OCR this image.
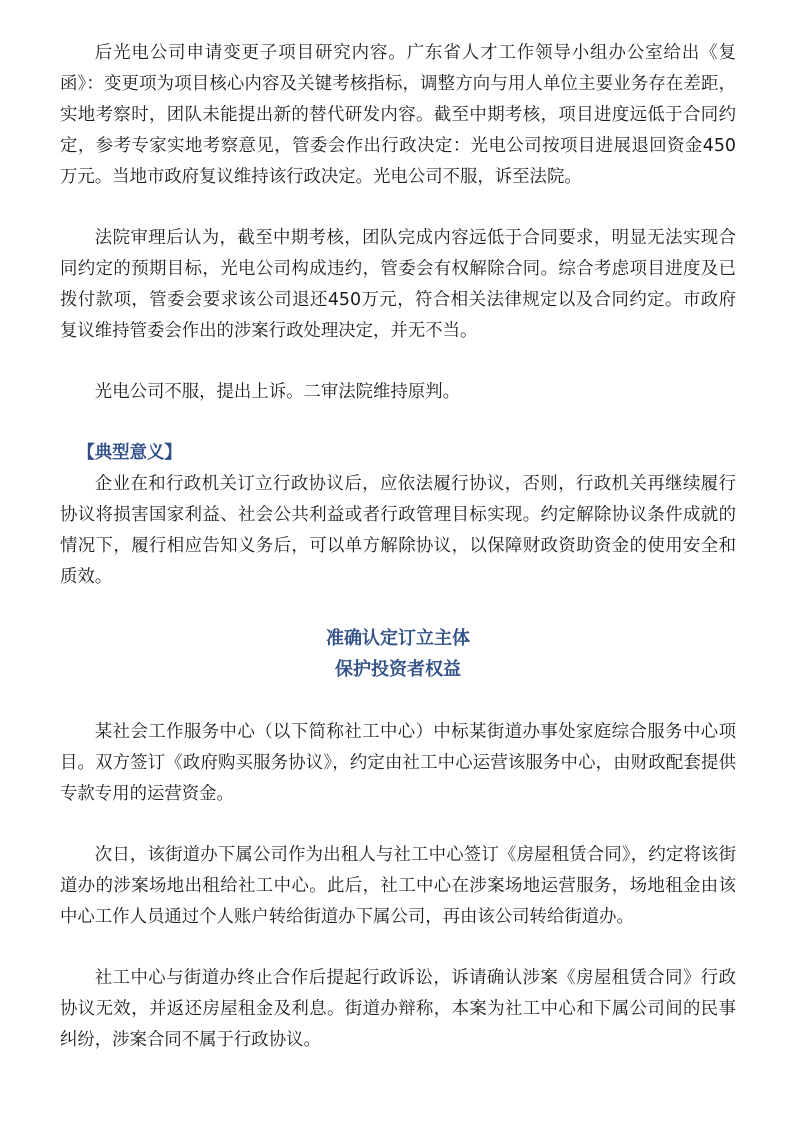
后光电公司申请变更子项目研究内容。广东省人才工作领导小组办公室给出《复函》：变更项为项目核心内容及关键考核指标，调整方向与用人单位主要业务存在差距，实地考察时，团队未能提出新的替代研发内容。截至中期考核，项目进度远低于合同约定，参考专家实地考察意见，管委会作出行政决定：光电公司按项目进展退回资金450万元。当地市政府复议维持该行政决定。光电公司不服，诉至法院。

法院审理后认为，截至中期考核，团队完成内容远低于合同要求，明显无法实现合同约定的预期目标，光电公司构成违约，管委会有权解除合同。综合考虑项目进度及已拨付款项，管委会要求该公司退还450万元，符合相关法律规定以及合同约定。市政府复议维持管委会作出的涉案行政处理决定，并无不当。

光电公司不服，提出上诉。二审法院维持原判。

【典型意义】

企业在和行政机关订立行政协议后，应依法履行协议，否则，行政机关再继续履行协议将损害国家利益、社会公共利益或者行政管理目标实现。约定解除协议条件成就的情况下，履行相应告知义务后，可以单方解除协议，以保障财政资助资金的使用安全和质效。

准确认定订立主体
保护投资者权益

某社会工作服务中心（以下简称社工中心）中标某街道办事处家庭综合服务中心项目。双方签订《政府购买服务协议》，约定由社工中心运营该服务中心，由财政配套提供专款专用的运营资金。

次日，该街道办下属公司作为出租人与社工中心签订《房屋租赁合同》，约定将该街道办的涉案场地出租给社工中心。此后，社工中心在涉案场地运营服务，场地租金由该中心工作人员通过个人账户转给街道办下属公司，再由该公司转给街道办。

社工中心与街道办终止合作后提起行政诉讼，诉请确认涉案《房屋租赁合同》行政协议无效，并返还房屋租金及利息。街道办辩称，本案为社工中心和下属公司间的民事纠纷，涉案合同不属于行政协议。
